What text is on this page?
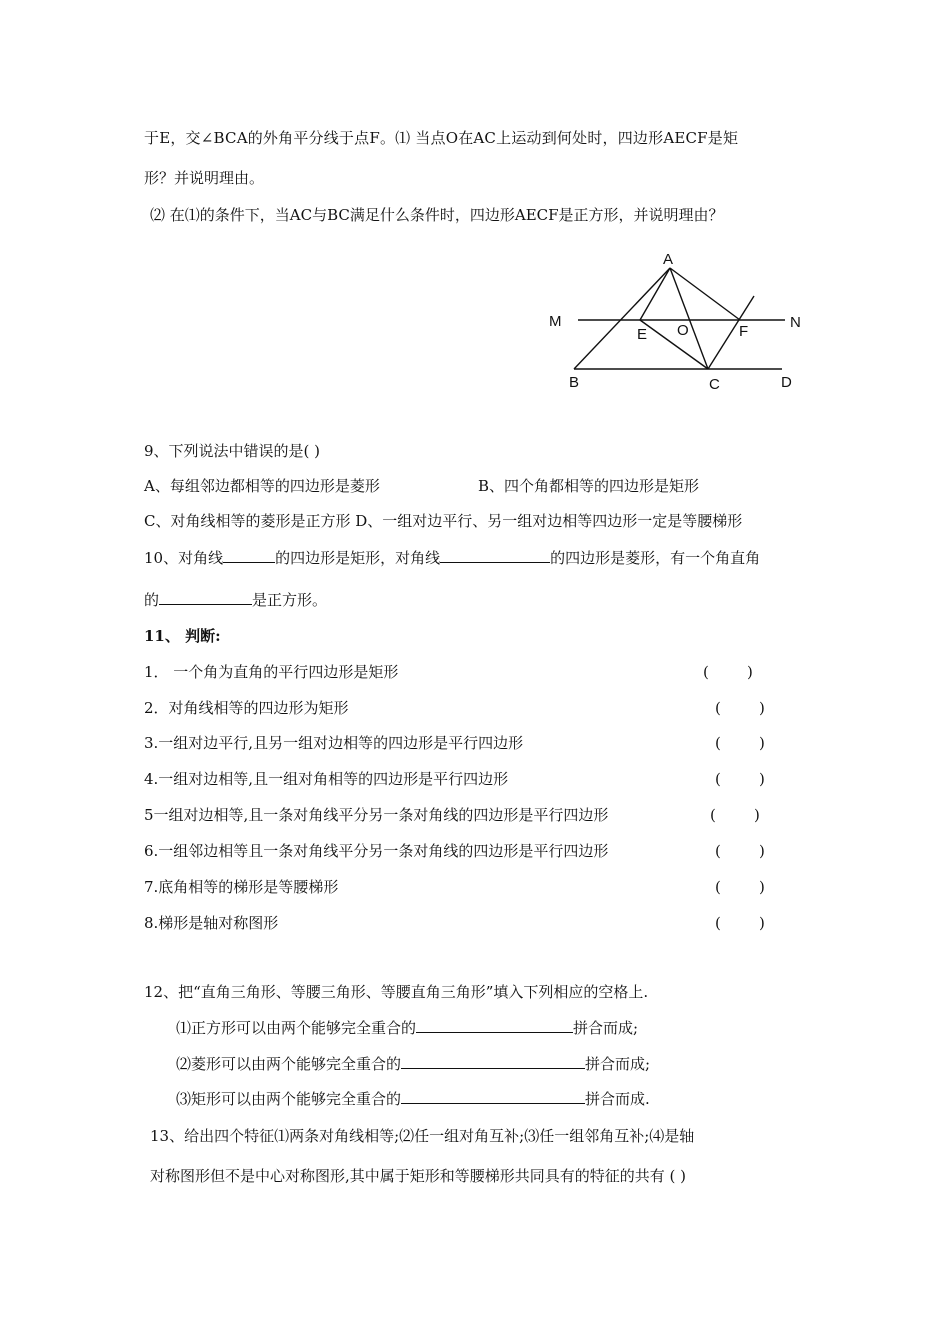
于E，交∠BCA的外角平分线于点F。⑴ 当点O在AC上运动到何处时，四边形AECF是矩
形？并说明理由。
⑵ 在⑴的条件下，当AC与BC满足什么条件时，四边形AECF是正方形，并说明理由？
A
M	N
E O	F
B	C	D
9、下列说法中错误的是( )
A、每组邻边都相等的四边形是菱形	B、四个角都相等的四边形是矩形
C、对角线相等的菱形是正方形 D、一组对边平行、另一组对边相等四边形一定是等腰梯形
10、对角线	的四边形是矩形，对角线	的四边形是菱形，有一个角直角
的	是正方形。
11、 判断:
1． 一个角为直角的平行四边形是矩形	(        )
2．对角线相等的四边形为矩形	(        )
3.一组对边平行,且另一组对边相等的四边形是平行四边形	(        )
4.一组对边相等,且一组对角相等的四边形是平行四边形	(        )
5一组对边相等,且一条对角线平分另一条对角线的四边形是平行四边形	(        )
6.一组邻边相等且一条对角线平分另一条对角线的四边形是平行四边形	(        )
7.底角相等的梯形是等腰梯形	(        )
8.梯形是轴对称图形	(        )
12、把“直角三角形、等腰三角形、等腰直角三角形”填入下列相应的空格上.
⑴正方形可以由两个能够完全重合的	拼合而成;
⑵菱形可以由两个能够完全重合的	拼合而成;
⑶矩形可以由两个能够完全重合的	拼合而成.
13、给出四个特征⑴两条对角线相等;⑵任一组对角互补;⑶任一组邻角互补;⑷是轴
对称图形但不是中心对称图形,其中属于矩形和等腰梯形共同具有的特征的共有 ( )
